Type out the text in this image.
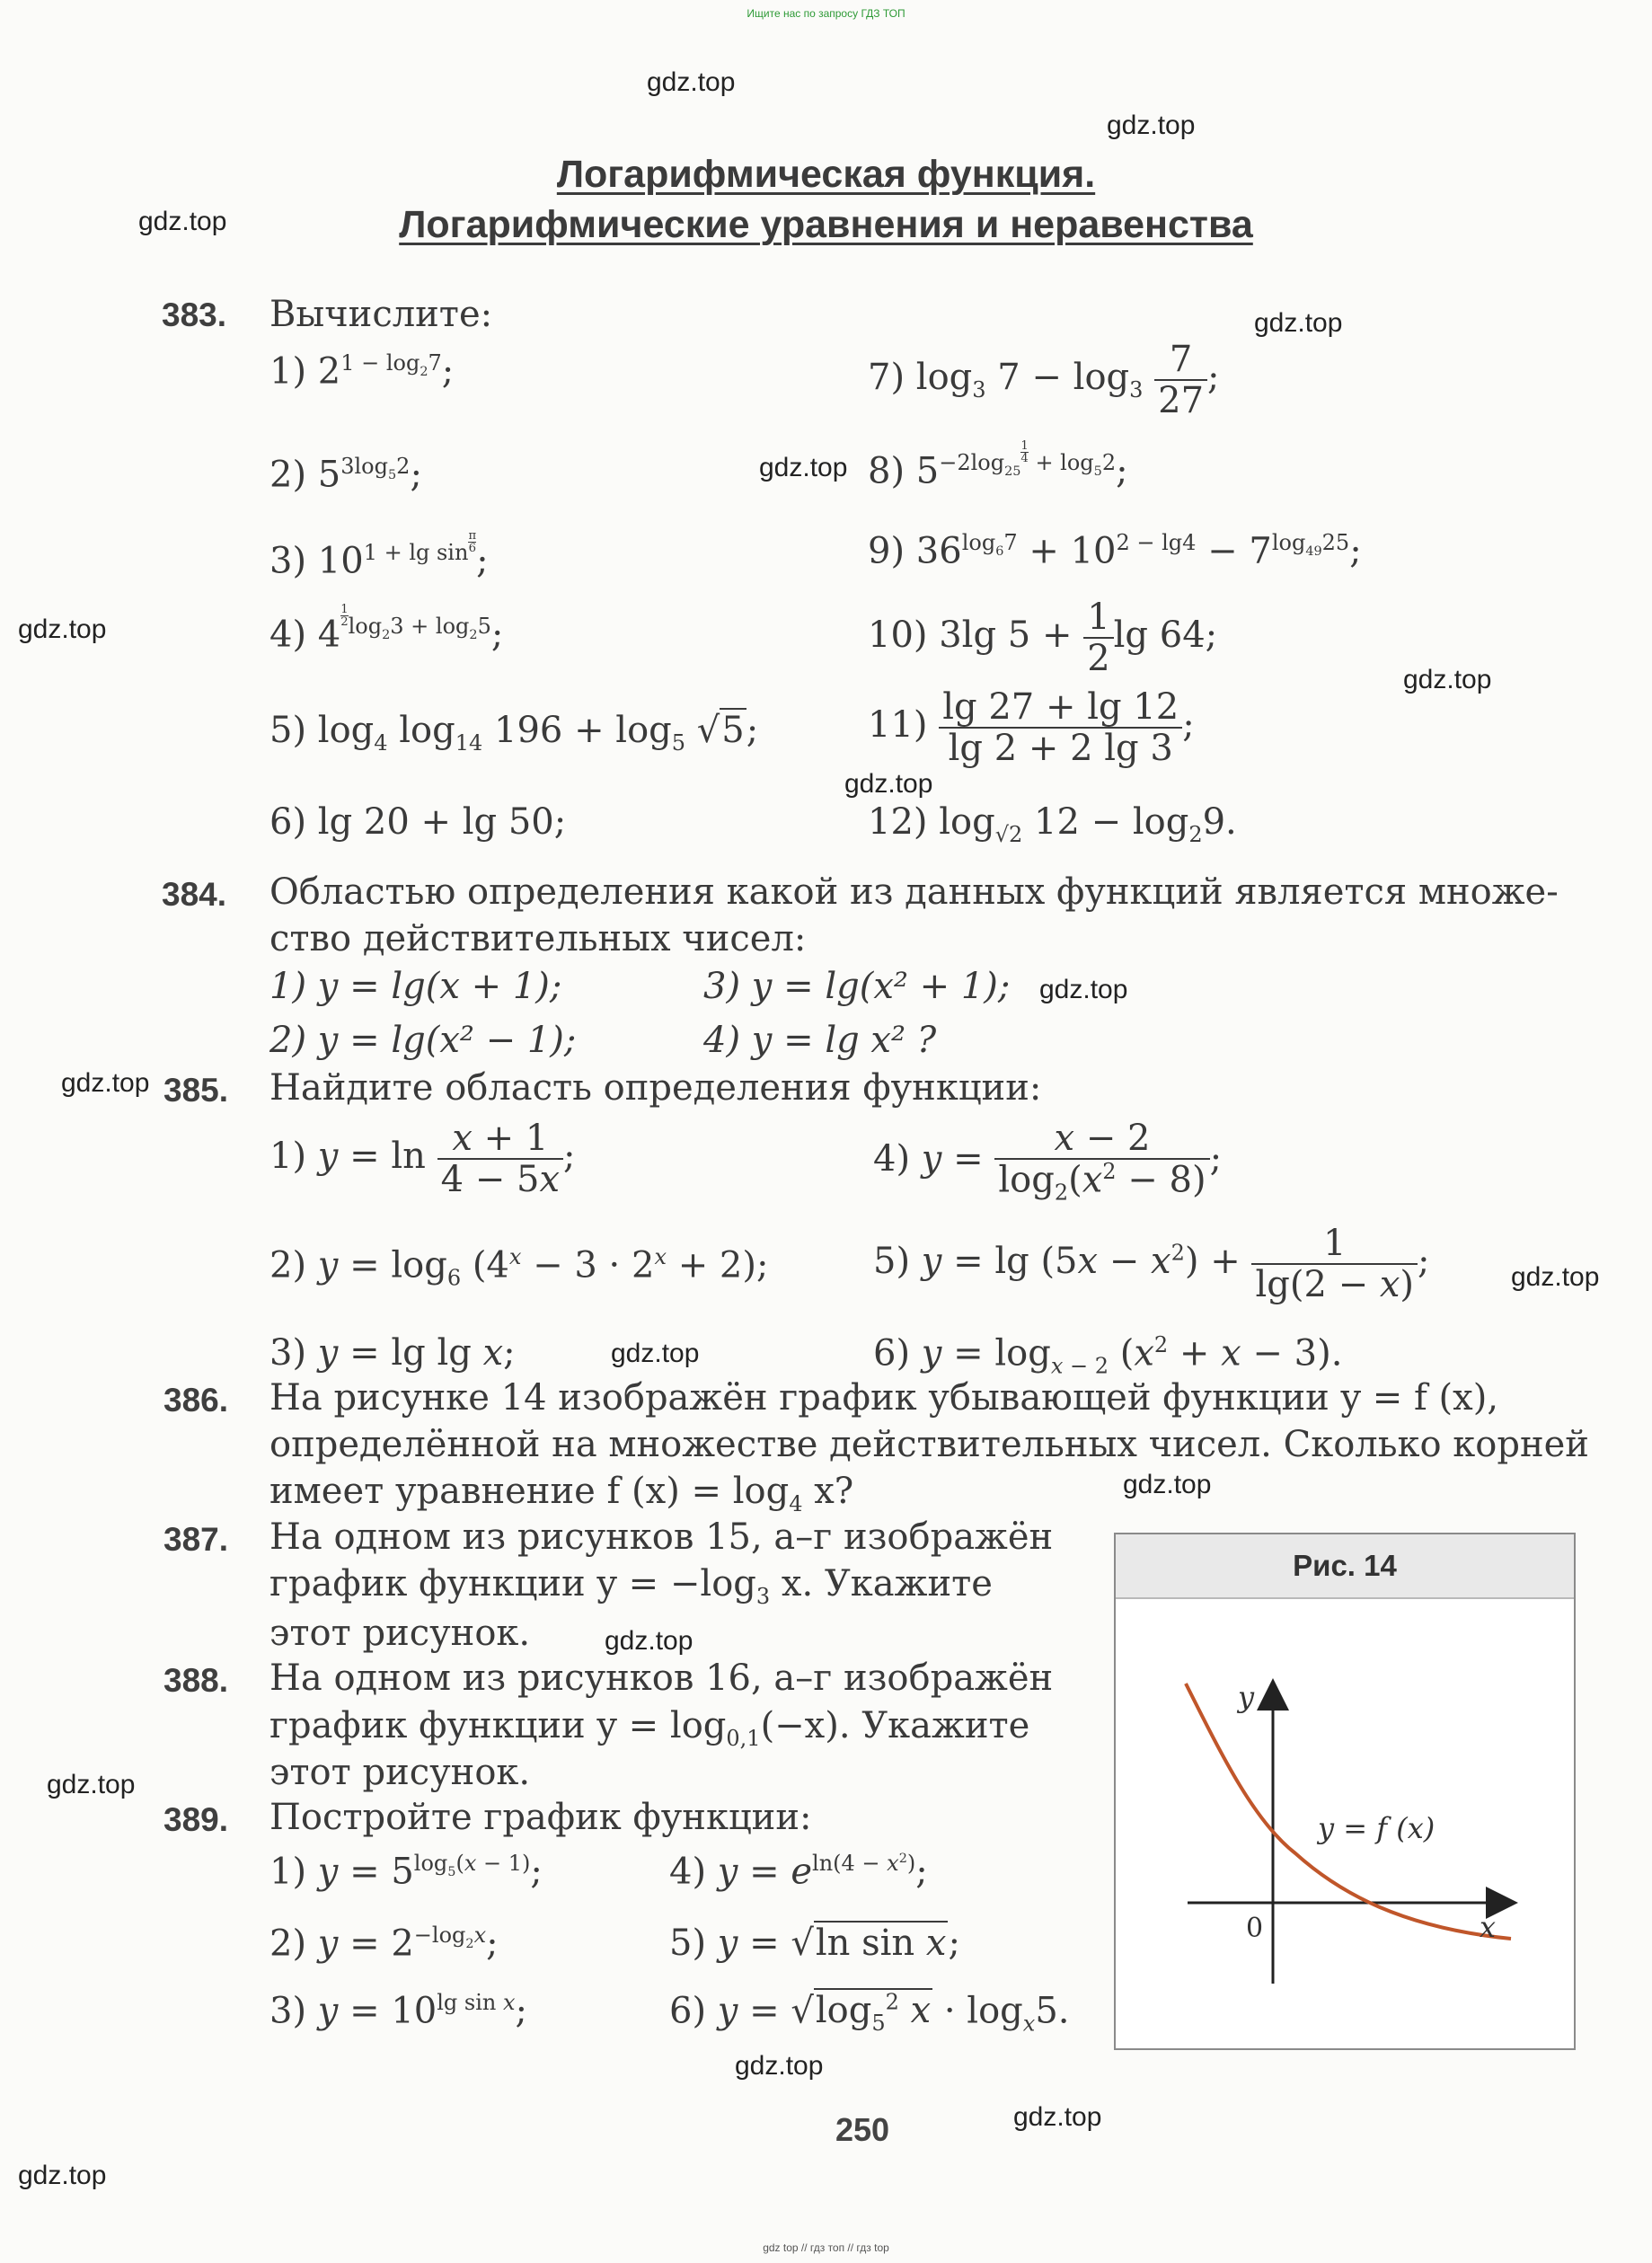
Ищите нас по запросу ГДЗ ТОП
gdz top // гдз топ // гдз top
gdz.top
gdz.top
gdz.top
gdz.top
gdz.top
gdz.top
gdz.top
gdz.top
gdz.top
gdz.top
gdz.top
gdz.top
gdz.top
gdz.top
gdz.top
gdz.top
gdz.top
gdz.top
Логарифмическая функция.
Логарифмические уравнения и неравенства
383. Вычислите:
1) $2^{1 - log_27}$;
2) $5^{3log_52}$;
3) $10^{1 + lg sin \frac{\pi}{6}}$ ;
4) 4 $^{\frac{1}{2} log_23 + log_25}$;
5) $\log_4 \log_{14} 196 + \log_5 √5$;
6) lg 20 + lg 50;
7) $\log_3 7 - \log_3 \frac{7}{27}$ ;
8) $5^{-2log_{25} \frac{1}{4} + log_52}$;
9) $36^{log_67} + 10^{2 - lg4} - 7^{log_{49}25}$;
10) 3lg $5 + \frac{1}{2}$ lg 64;
$11) \frac{\lg 27 + \lg 12}{\lg 2 + 2 \lg 3}$ ;
12) $\log_{√2} 12 - \log_29$.
384. Областью определения какой из данных функций является множе-
ство действительных чисел:
1) y = lg(x + 1);
2) y = lg(x² − 1);
3) y = lg(x² + 1);
4) y = lg x² ?
385. Найдите область определения функции:
1) $y = \ln \frac{x + 1}{4 - 5x}$ ;
2) $y = \log_6 (4^x - 3 \cdot 2^x + 2)$;
3) y = lg lg x;
4) $y = \frac{x - 2}{\log_2(x^2 - 8)}$ ;
5) $y = \lg (5x - x^2) + \frac{1}{\lg(2 - x)}$ ;
6) $y = \log_{x - 2} (x^2 + x - 3)$.
386. На рисунке 14 изображён график убывающей функции y = f (x),
определённой на множестве действительных чисел. Сколько корней
имеет уравнение f $(x) = \log_4 x$?
387. На одном из рисунков 15, а–г изображён
график функции $y = -\log_3$ x. Укажите
этот рисунок.
388. На одном из рисунков 16, а–г изображён
график функции $y = \log_{0,1}(-x)$. Укажите
этот рисунок.
389. Постройте график функции:
1) $y = 5^{log_5(x - 1)}$;
2) $y = 2^{-log_2x}$;
3) $y = 10^{lg sin x}$;
4) $y = e^{ln(4 - x^2)}$;
5) y = √ln sin x;
6) $y = √\log_5^2$ $x \cdot \log_x5$.
Рис. 14
y
x
0
y = f (x)
250
